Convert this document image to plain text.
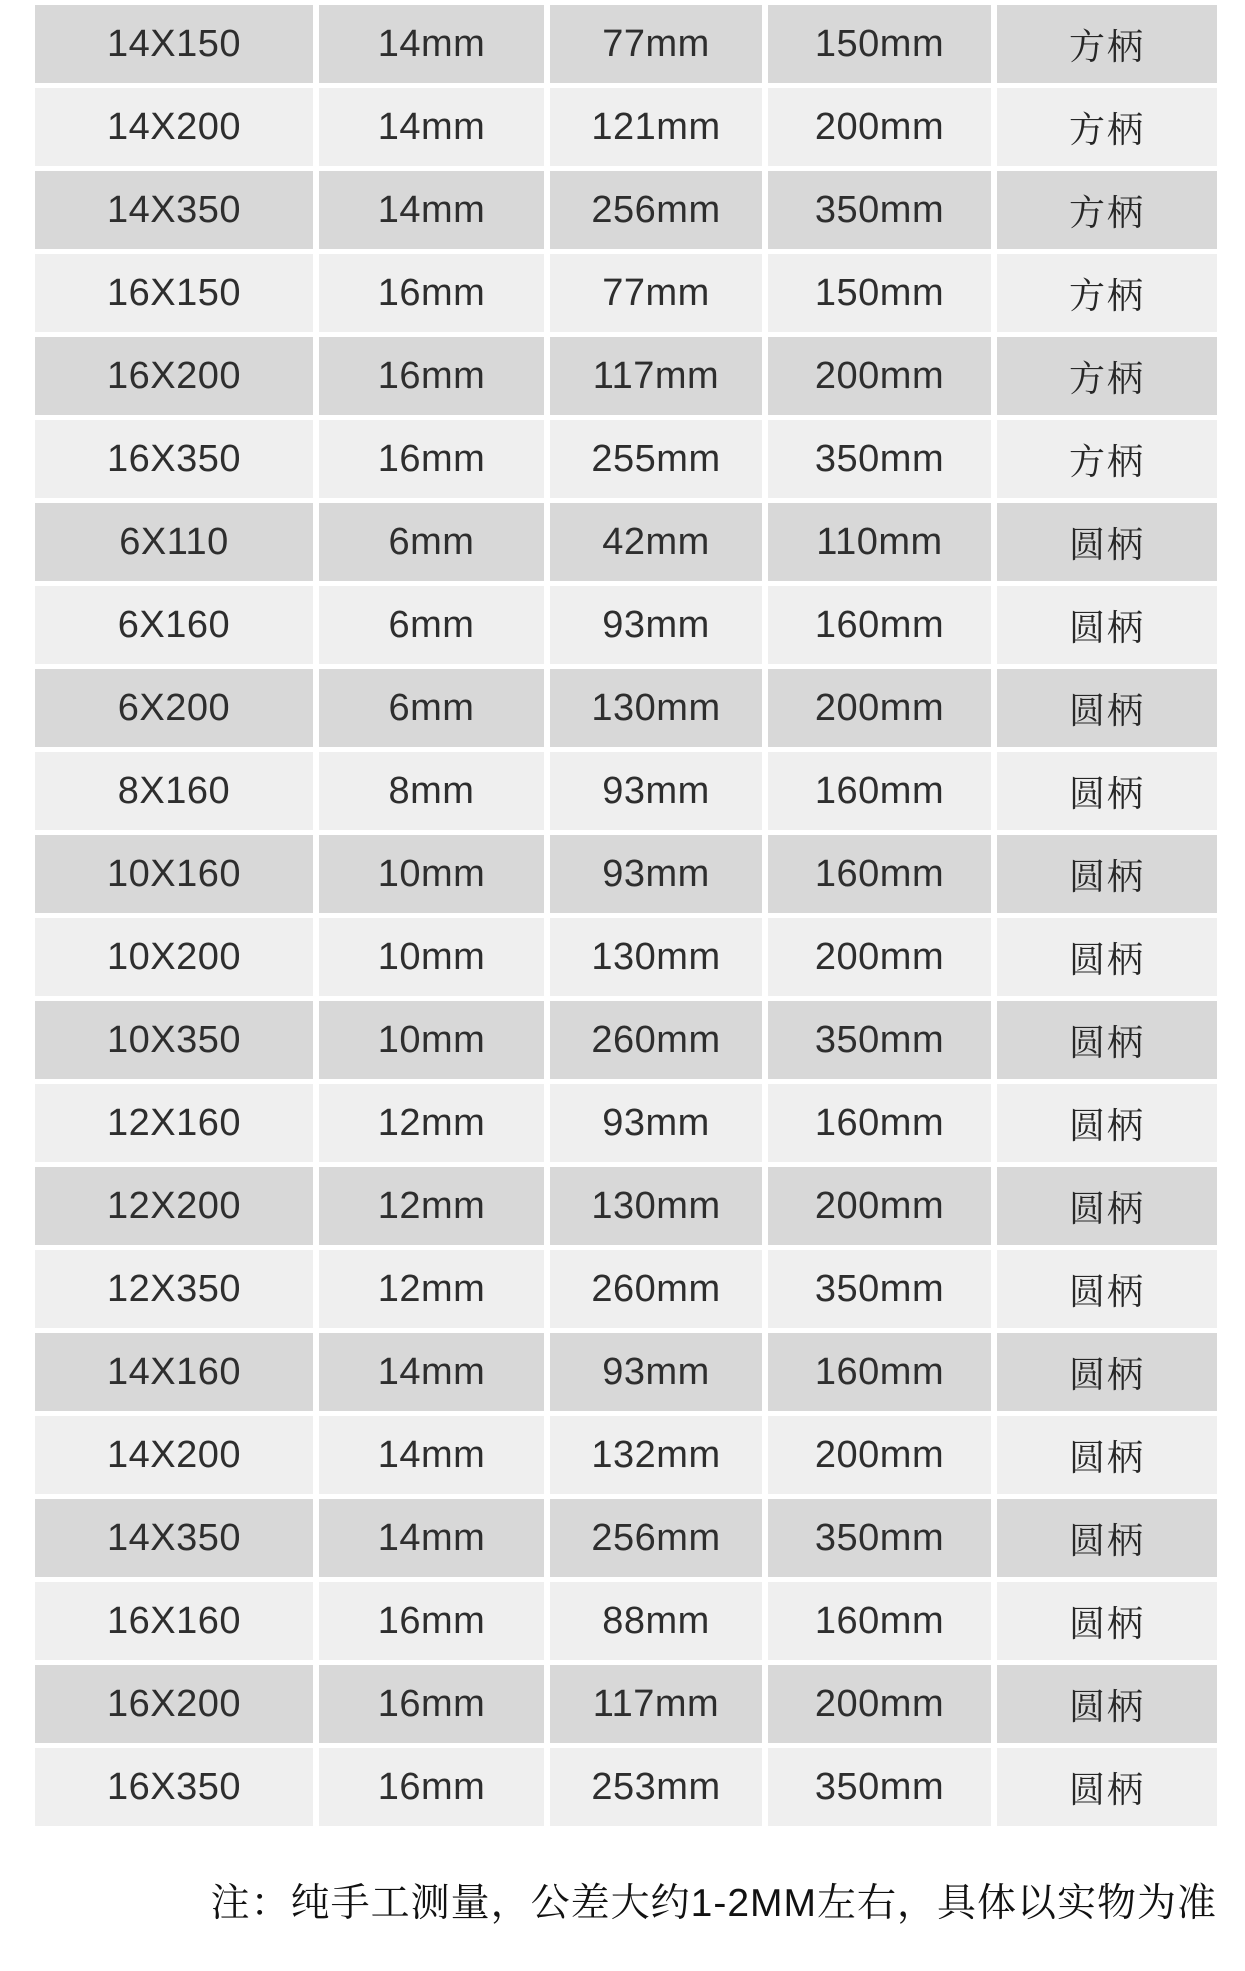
14X150	14mm	77mm	150mm	方柄
14X200	14mm	121mm	200mm	方柄
14X350	14mm	256mm	350mm	方柄
16X150	16mm	77mm	150mm	方柄
16X200	16mm	117mm	200mm	方柄
16X350	16mm	255mm	350mm	方柄
6X110	6mm	42mm	110mm	圆柄
6X160	6mm	93mm	160mm	圆柄
6X200	6mm	130mm	200mm	圆柄
8X160	8mm	93mm	160mm	圆柄
10X160	10mm	93mm	160mm	圆柄
10X200	10mm	130mm	200mm	圆柄
10X350	10mm	260mm	350mm	圆柄
12X160	12mm	93mm	160mm	圆柄
12X200	12mm	130mm	200mm	圆柄
12X350	12mm	260mm	350mm	圆柄
14X160	14mm	93mm	160mm	圆柄
14X200	14mm	132mm	200mm	圆柄
14X350	14mm	256mm	350mm	圆柄
16X160	16mm	88mm	160mm	圆柄
16X200	16mm	117mm	200mm	圆柄
16X350	16mm	253mm	350mm	圆柄
注：纯手工测量，公差大约1-2MM左右，具体以实物为准
